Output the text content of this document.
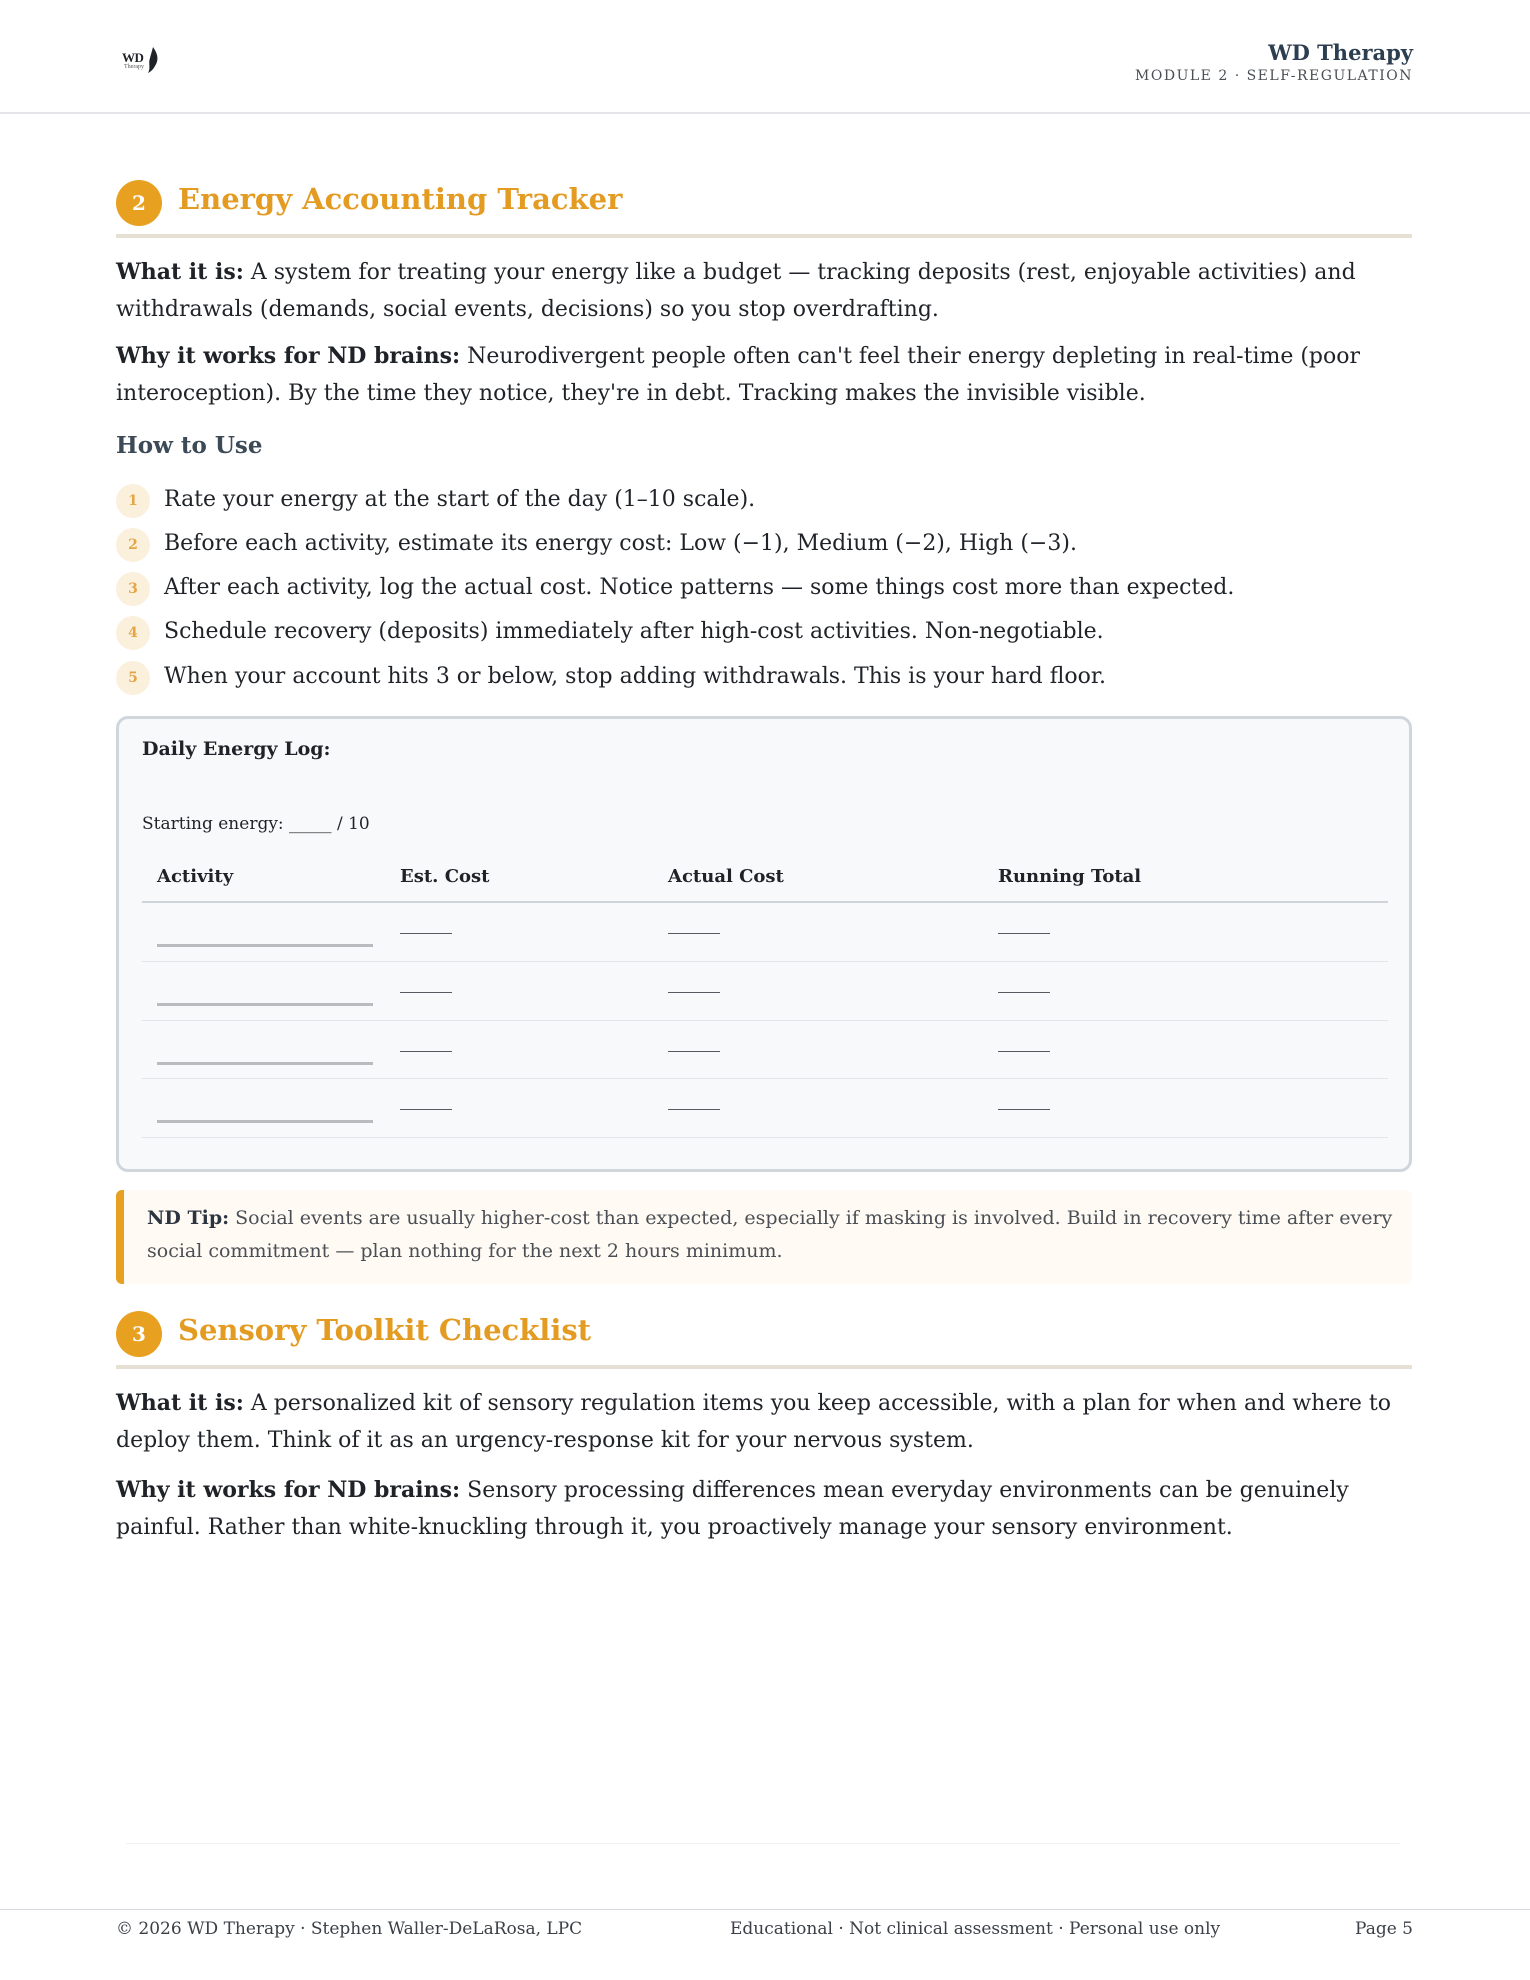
WD
Therapy
WD Therapy
MODULE 2 · SELF-REGULATION
2	Energy Accounting Tracker

What it is: A system for treating your energy like a budget — tracking deposits (rest, enjoyable activities) and withdrawals (demands, social events, decisions) so you stop overdrafting.

Why it works for ND brains: Neurodivergent people often can't feel their energy depleting in real-time (poor interoception). By the time they notice, they're in debt. Tracking makes the invisible visible.

How to Use
1	Rate your energy at the start of the day (1–10 scale).
2	Before each activity, estimate its energy cost: Low (−1), Medium (−2), High (−3).
3	After each activity, log the actual cost. Notice patterns — some things cost more than expected.
4	Schedule recovery (deposits) immediately after high-cost activities. Non-negotiable.
5	When your account hits 3 or below, stop adding withdrawals. This is your hard floor.
Daily Energy Log:
Starting energy: _____ / 10
Activity	Est. Cost	Actual Cost	Running Total

ND Tip: Social events are usually higher-cost than expected, especially if masking is involved. Build in recovery time after every social commitment — plan nothing for the next 2 hours minimum.

3	Sensory Toolkit Checklist

What it is: A personalized kit of sensory regulation items you keep accessible, with a plan for when and where to deploy them. Think of it as an urgency-response kit for your nervous system.

Why it works for ND brains: Sensory processing differences mean everyday environments can be genuinely painful. Rather than white-knuckling through it, you proactively manage your sensory environment.

© 2026 WD Therapy · Stephen Waller-DeLaRosa, LPC	Educational · Not clinical assessment · Personal use only	Page 5
